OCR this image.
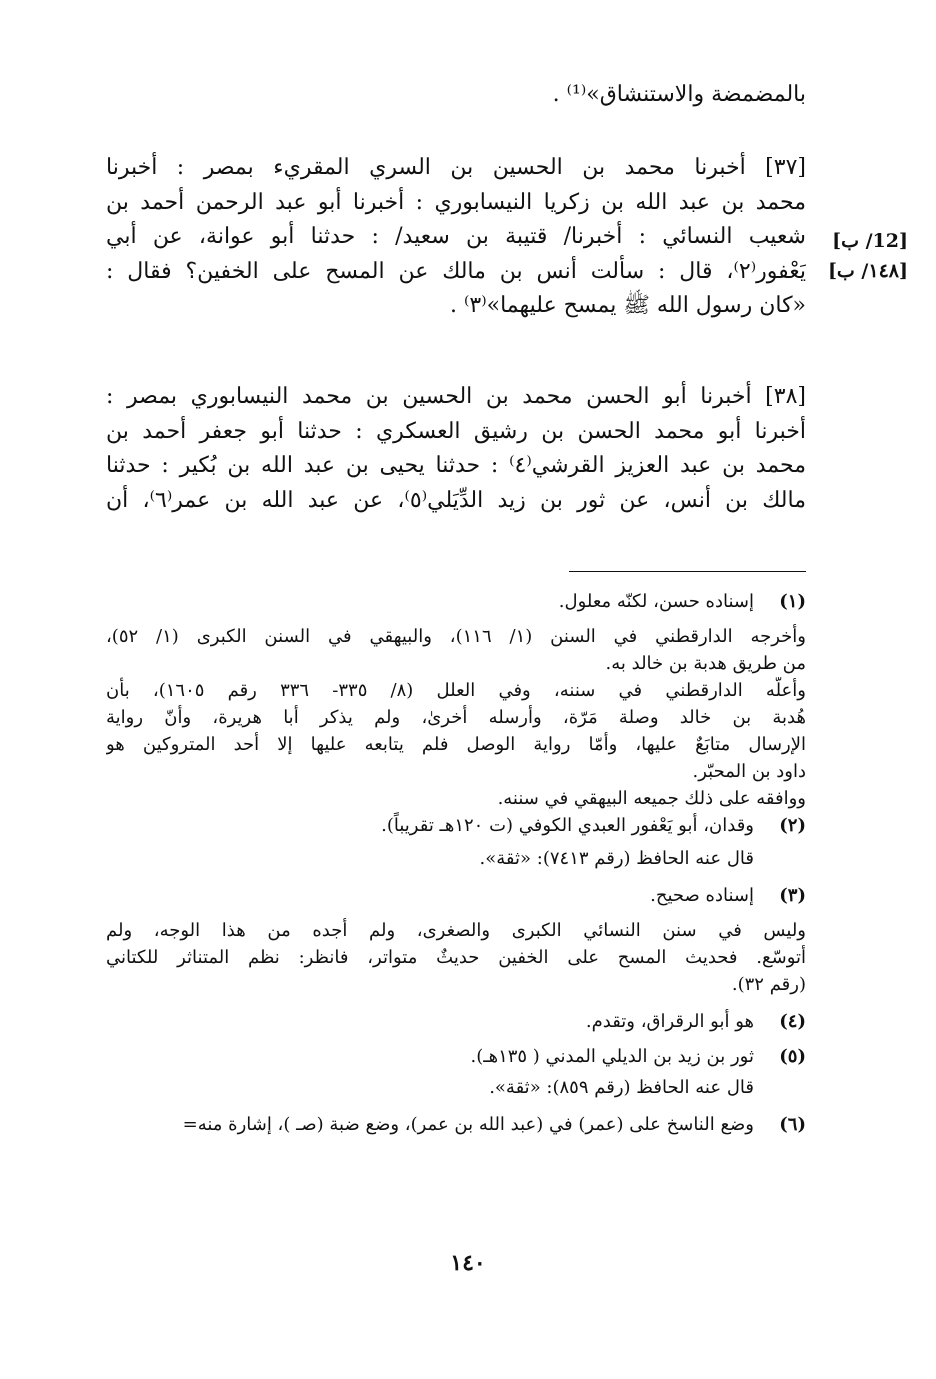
بالمضمضة والاستنشاق»⁽¹⁾ .
[٣٧] أخبرنا محمد بن الحسين بن السري المقريء بمصر : أخبرنا
محمد بن عبد الله بن زكريا النيسابوري : أخبرنا أبو عبد الرحمن أحمد بن
شعيب النسائي : أخبرنا/ قتيبة بن سعيد/ : حدثنا أبو عوانة، عن أبي
يَعْفور⁽٢⁾، قال : سألت أنس بن مالك عن المسح على الخفين؟ فقال :
«كان رسول الله ﷺ يمسح عليهما»⁽٣⁾ .
[٣٨] أخبرنا أبو الحسن محمد بن الحسين بن محمد النيسابوري بمصر :
أخبرنا أبو محمد الحسن بن رشيق العسكري : حدثنا أبو جعفر أحمد بن
محمد بن عبد العزيز القرشي⁽٤⁾ : حدثنا يحيى بن عبد الله بن بُكير : حدثنا
مالك بن أنس، عن ثور بن زيد الدِّيَلي⁽٥⁾، عن عبد الله بن عمر⁽٦⁾، أن
[12/ ب]
[١٤٨/ ب]
(١)
إسناده حسن، لكنّه معلول.
وأخرجه الدارقطني في السنن (١/ ١١٦)، والبيهقي في السنن الكبرى (١/ ٥٢)،
من طريق هدبة بن خالد به.
وأعلّه الدارقطني في سننه، وفي العلل (٨/ ٣٣٥- ٣٣٦ رقم ١٦٠٥)، بأن
هُدبة بن خالد وصلة مَرّة، وأرسله أخرىٰ، ولم يذكر أبا هريرة، وأنّ رواية
الإرسال متابَعٌ عليها، وأمّا رواية الوصل فلم يتابعه عليها إلا أحد المتروكين هو
داود بن المحبّر.
ووافقه على ذلك جميعه البيهقي في سننه.
(٢)
وقدان، أبو يَعْفور العبدي الكوفي (ت ١٢٠هـ تقريباً).
قال عنه الحافظ (رقم ٧٤١٣): «ثقة».
(٣)
إسناده صحيح.
وليس في سنن النسائي الكبرى والصغرى، ولم أجده من هذا الوجه، ولم
أتوسّع. فحديث المسح على الخفين حديثٌ متواتر، فانظر: نظم المتناثر للكتاني
(رقم ٣٢).
(٤)
هو أبو الرقراق، وتقدم.
(٥)
ثور بن زيد بن الديلي المدني ( ١٣٥هـ).
قال عنه الحافظ (رقم ٨٥٩): «ثقة».
(٦)
وضع الناسخ على (عمر) في (عبد الله بن عمر)، وضع ضبة (صـ )، إشارة منه=
١٤٠
